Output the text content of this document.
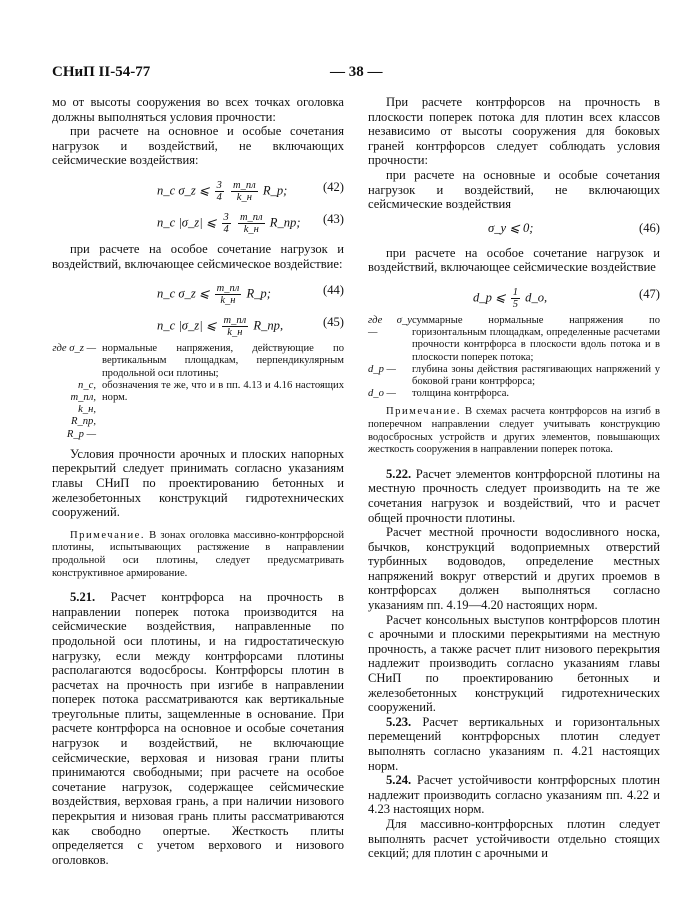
СНиП II-54-77	— 38 —

мо от высоты сооружения во всех точках оголовка должны выполняться условия прочности:

при расчете на основное и особые сочетания нагрузок и воздействий, не включающих сейсмические воздействия:

n_c σ_z ⩽ $\frac{3}{4}$
$\frac{m\_пл}{k\_н}$ R_р;	(42)
n_c |σ_z| ⩽ $\frac{3}{4}$
$\frac{m\_пл}{k\_н}$ R_пр; (43)

при расчете на особое сочетание нагрузок и воздействий, включающее сейсмическое воздействие:

n_c σ_z ⩽ $\frac{m\_пл}{k\_н}$ R_р;	(44)
n_c |σ_z| ⩽ $\frac{m\_пл}{k\_н}$ R_пр,	(45)
где σ_z — нормальные напряжения, действующие по вертикальным площадкам, перпендикулярным продольной оси плотины;
n_c, m_пл, k_н, R_пр, R_р —
обозначения те же, что и в пп. 4.13 и 4.16 настоящих норм.

Условия прочности арочных и плоских напорных перекрытий следует принимать согласно указаниям главы СНиП по проектированию бетонных и железобетонных конструкций гидротехнических сооружений.

Примечание. В зонах оголовка массивно-контрфорсной плотины, испытывающих растяжение в направлении продольной оси плотины, следует предусматривать конструктивное армирование.

5.21. Расчет контрфорса на прочность в направлении поперек потока производится на сейсмические воздействия, направленные по продольной оси плотины, и на гидростатическую нагрузку, если между контрфорсами плотины располагаются водосбросы. Контрфорсы плотин в расчетах на прочность при изгибе в направлении поперек потока рассматриваются как вертикальные треугольные плиты, защемленные в основание. При расчете контрфорса на основное и особые сочетания нагрузок и воздействий, не включающие сейсмические, верховая и низовая грани плиты принимаются свободными; при расчете на особое сочетание нагрузок, содержащее сейсмические воздействия, верховая грань, а при наличии низового перекрытия и низовая грань плиты рассматриваются как свободно опертые. Жесткость плиты определяется с учетом верхового и низового оголовков.

При расчете контрфорсов на прочность в плоскости поперек потока для плотин всех классов независимо от высоты сооружения для боковых граней контрфорсов следует соблюдать условия прочности:

при расчете на основные и особые сочетания нагрузок и воздействий, не включающих сейсмические воздействия

σ_y ⩽ 0;	(46)

при расчете на особое сочетание нагрузок и воздействий, включающее сейсмические воздействие

d_р ⩽ $\frac{1}{5}$ d_о,	(47)
где σ_y —
суммарные нормальные напряжения по горизонтальным площадкам, определенные расчетами прочности контрфорса в плоскости вдоль потока и в плоскости поперек потока;
d_р —	глубина зоны действия растягивающих напряжений у боковой грани контрфорса;
d_о —	толщина контрфорса.

Примечание. В схемах расчета контрфорсов на изгиб в поперечном направлении следует учитывать конструкцию водосбросных устройств и других элементов, повышающих жесткость сооружения в направлении поперек потока.

5.22. Расчет элементов контрфорсной плотины на местную прочность следует производить на те же сочетания нагрузок и воздействий, что и расчет общей прочности плотины.

Расчет местной прочности водосливного носка, бычков, конструкций водоприемных отверстий турбинных водоводов, определение местных напряжений вокруг отверстий и других проемов в контрфорсах должен выполняться согласно указаниям пп. 4.19—4.20 настоящих норм.

Расчет консольных выступов контрфорсов плотин с арочными и плоскими перекрытиями на местную прочность, а также расчет плит низового перекрытия надлежит производить согласно указаниям главы СНиП по проектированию бетонных и железобетонных конструкций гидротехнических сооружений.

5.23. Расчет вертикальных и горизонтальных перемещений контрфорсных плотин следует выполнять согласно указаниям п. 4.21 настоящих норм.

5.24. Расчет устойчивости контрфорсных плотин надлежит производить согласно указаниям пп. 4.22 и 4.23 настоящих норм.

Для массивно-контрфорсных плотин следует выполнять расчет устойчивости отдельно стоящих секций; для плотин с арочными и
